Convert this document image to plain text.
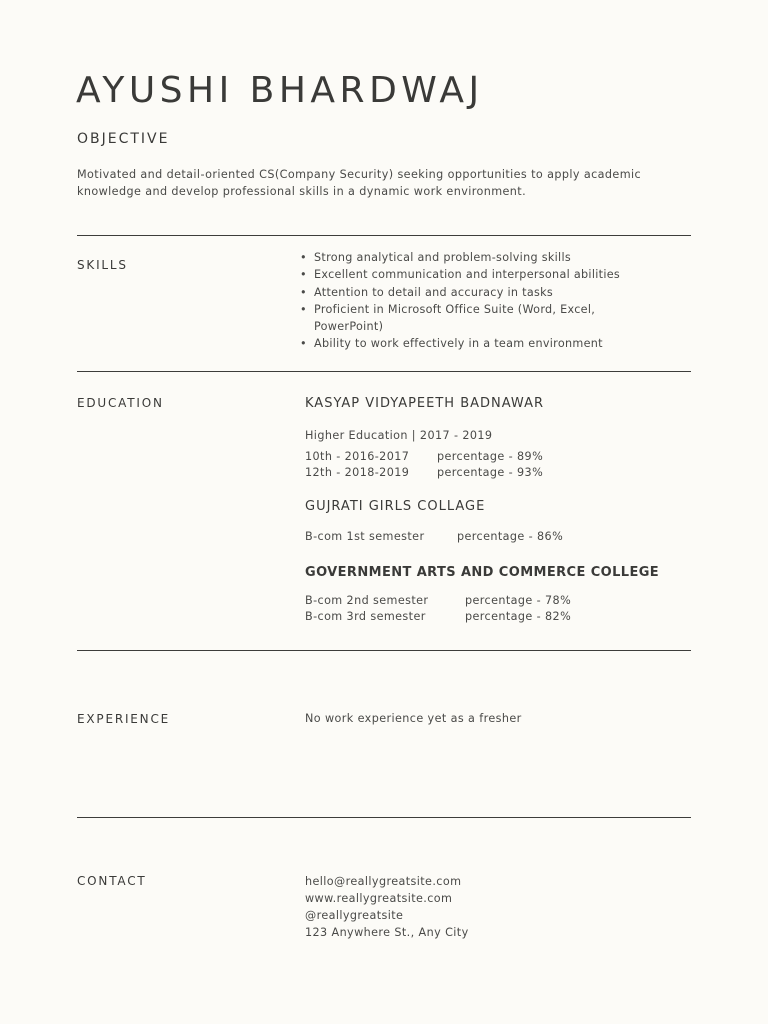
AYUSHI BHARDWAJ
OBJECTIVE
Motivated and detail-oriented CS(Company Security) seeking opportunities to apply academic knowledge and develop professional skills in a dynamic work environment.
SKILLS
• Strong analytical and problem-solving skills
• Excellent communication and interpersonal abilities
• Attention to detail and accuracy in tasks
• Proficient in Microsoft Office Suite (Word, Excel, PowerPoint)
• Ability to work effectively in a team environment
EDUCATION	KASYAP VIDYAPEETH BADNAWAR
Higher Education | 2017 - 2019
10th - 2016-2017 percentage - 89%
12th - 2018-2019 percentage - 93%
GUJRATI GIRLS COLLAGE
B-com 1st semester	percentage - 86%
GOVERNMENT ARTS AND COMMERCE COLLEGE
B-com 2nd semester	percentage - 78%
B-com 3rd semester	percentage - 82%
EXPERIENCE	No work experience yet as a fresher
CONTACT	hello@reallygreatsite.com
www.reallygreatsite.com
@reallygreatsite
123 Anywhere St., Any City
